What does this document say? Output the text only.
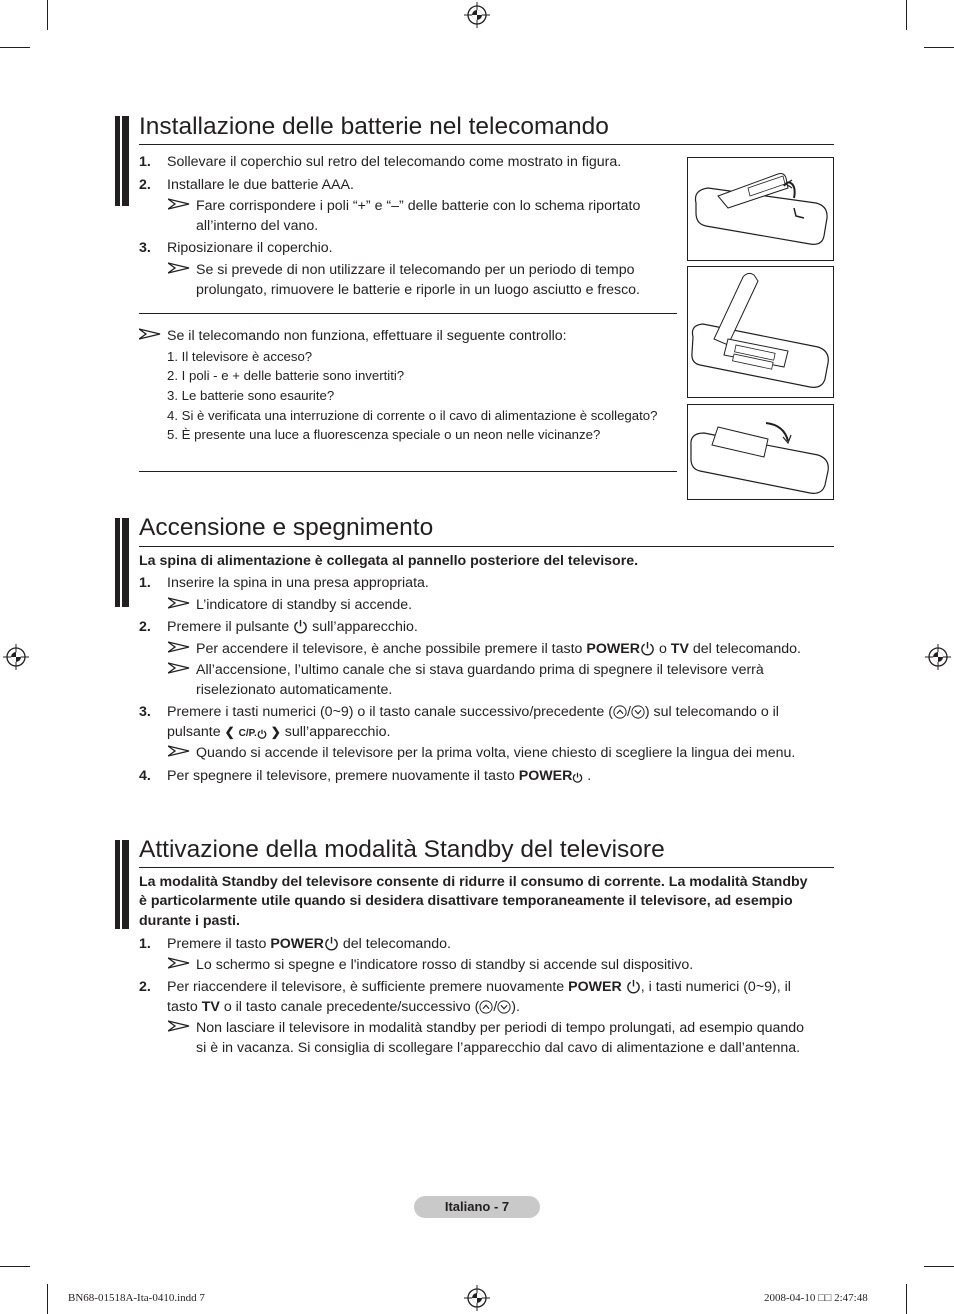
Installazione delle batterie nel telecomando
1. Sollevare il coperchio sul retro del telecomando come mostrato in figura.
2. Installare le due batterie AAA.
Fare corrispondere i poli “+” e “–” delle batterie con lo schema riportato
all’interno del vano.
3. Riposizionare il coperchio.
Se si prevede di non utilizzare il telecomando per un periodo di tempo
prolungato, rimuovere le batterie e riporle in un luogo asciutto e fresco.
Se il telecomando non funziona, effettuare il seguente controllo:
1. Il televisore è acceso?
2. I poli - e + delle batterie sono invertiti?
3. Le batterie sono esaurite?
4. Si è verificata una interruzione di corrente o il cavo di alimentazione è scollegato?
5. È presente una luce a fluorescenza speciale o un neon nelle vicinanze?
Accensione e spegnimento
La spina di alimentazione è collegata al pannello posteriore del televisore.
1. Inserire la spina in una presa appropriata.
L’indicatore di standby si accende.
2. Premere il pulsante sull’apparecchio.
Per accendere il televisore, è anche possibile premere il tasto POWER o TV del telecomando.
All’accensione, l’ultimo canale che si stava guardando prima di spegnere il televisore verrà
riselezionato automaticamente.
3. Premere i tasti numerici (0~9) o il tasto canale successivo/precedente ( / ) sul telecomando o il
pulsante ❮ C/P. ❯ sull’apparecchio.
Quando si accende il televisore per la prima volta, viene chiesto di scegliere la lingua dei menu.
4. Per spegnere il televisore, premere nuovamente il tasto POWER .
Attivazione della modalità Standby del televisore
La modalità Standby del televisore consente di ridurre il consumo di corrente. La modalità Standby
è particolarmente utile quando si desidera disattivare temporaneamente il televisore, ad esempio
durante i pasti.
1. Premere il tasto POWER del telecomando.
Lo schermo si spegne e l'indicatore rosso di standby si accende sul dispositivo.
2. Per riaccendere il televisore, è sufficiente premere nuovamente POWER , i tasti numerici (0~9), il
tasto TV o il tasto canale precedente/successivo ( / ).
Non lasciare il televisore in modalità standby per periodi di tempo prolungati, ad esempio quando
si è in vacanza. Si consiglia di scollegare l’apparecchio dal cavo di alimentazione e dall’antenna.
Italiano - 7
BN68-01518A-Ita-0410.indd 7	2008-04-10 □□ 2:47:48
